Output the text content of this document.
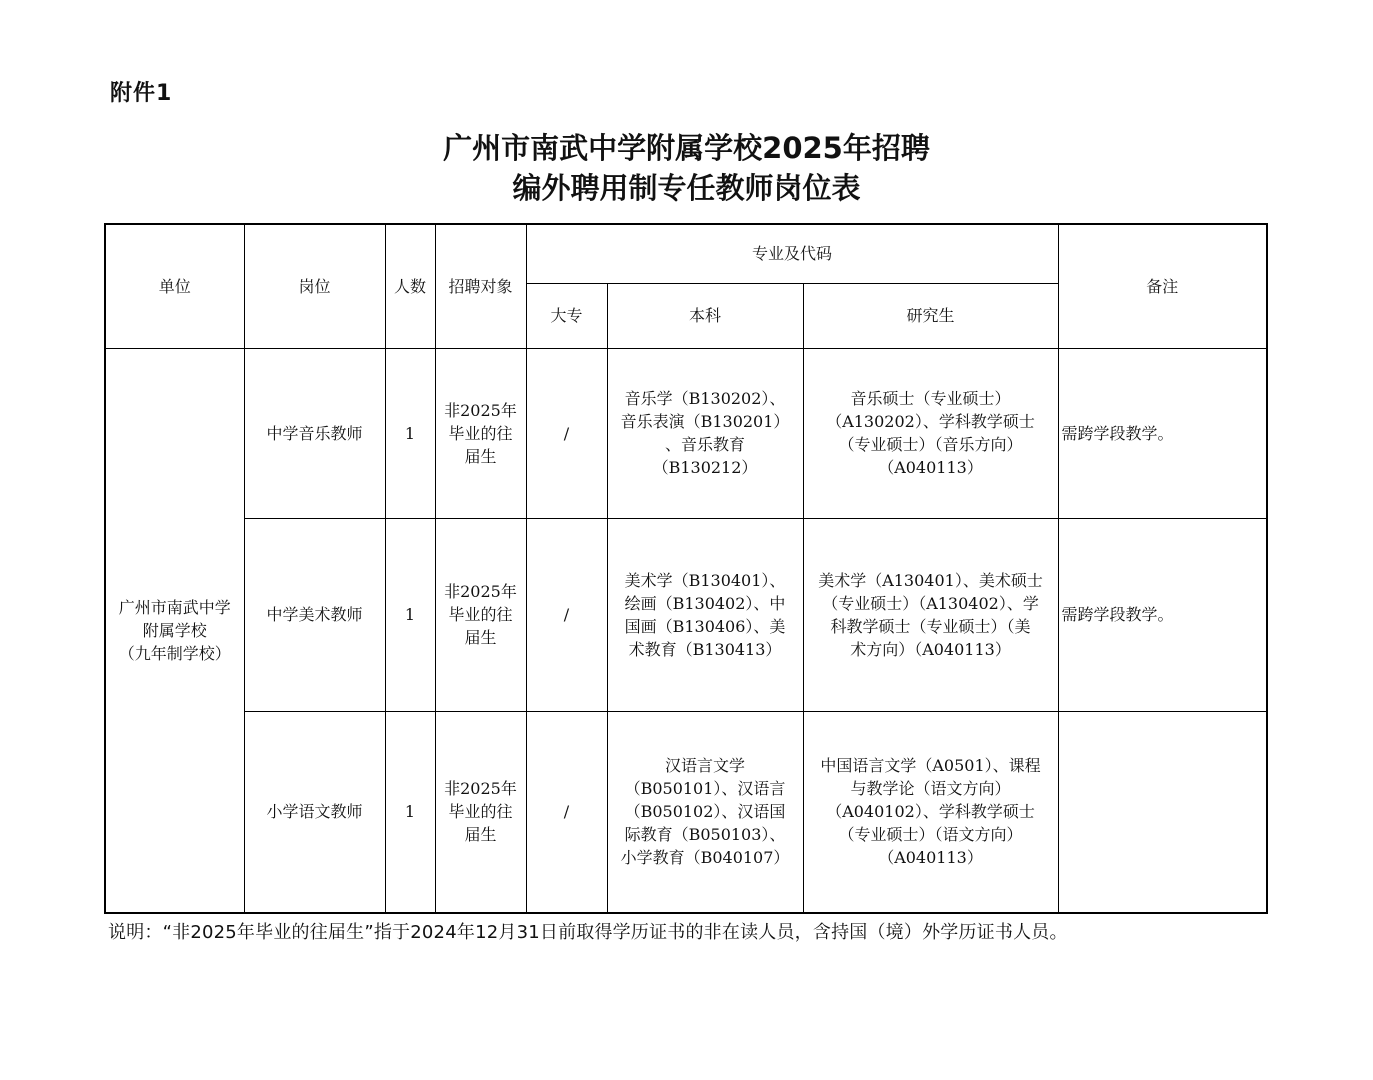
附件1
广州市南武中学附属学校2025年招聘
编外聘用制专任教师岗位表
单位	岗位	人数	招聘对象	专业及代码			备注
				大专	本科	研究生	

广州市南武中学
附属学校
（九年制学校）	中学音乐教师	1	非2025年
毕业的往
届生	/	音乐学（B130202）、
音乐表演（B130201）
、音乐教育
（B130212）	音乐硕士（专业硕士）
（A130202）、学科教学硕士
（专业硕士）（音乐方向）
（A040113）	需跨学段教学。
	中学美术教师	1	非2025年
毕业的往
届生	/	美术学（B130401）、
绘画（B130402）、中
国画（B130406）、美
术教育（B130413）	美术学（A130401）、美术硕士
（专业硕士）（A130402）、学
科教学硕士（专业硕士）（美
术方向）（A040113）	需跨学段教学。
	小学语文教师	1	非2025年
毕业的往
届生	/	汉语言文学
（B050101）、汉语言
（B050102）、汉语国
际教育（B050103）、
小学教育（B040107）	中国语言文学（A0501）、课程
与教学论（语文方向）
（A040102）、学科教学硕士
（专业硕士）（语文方向）
（A040113）	

说明：“非2025年毕业的往届生”指于2024年12月31日前取得学历证书的非在读人员，含持国（境）外学历证书人员。
